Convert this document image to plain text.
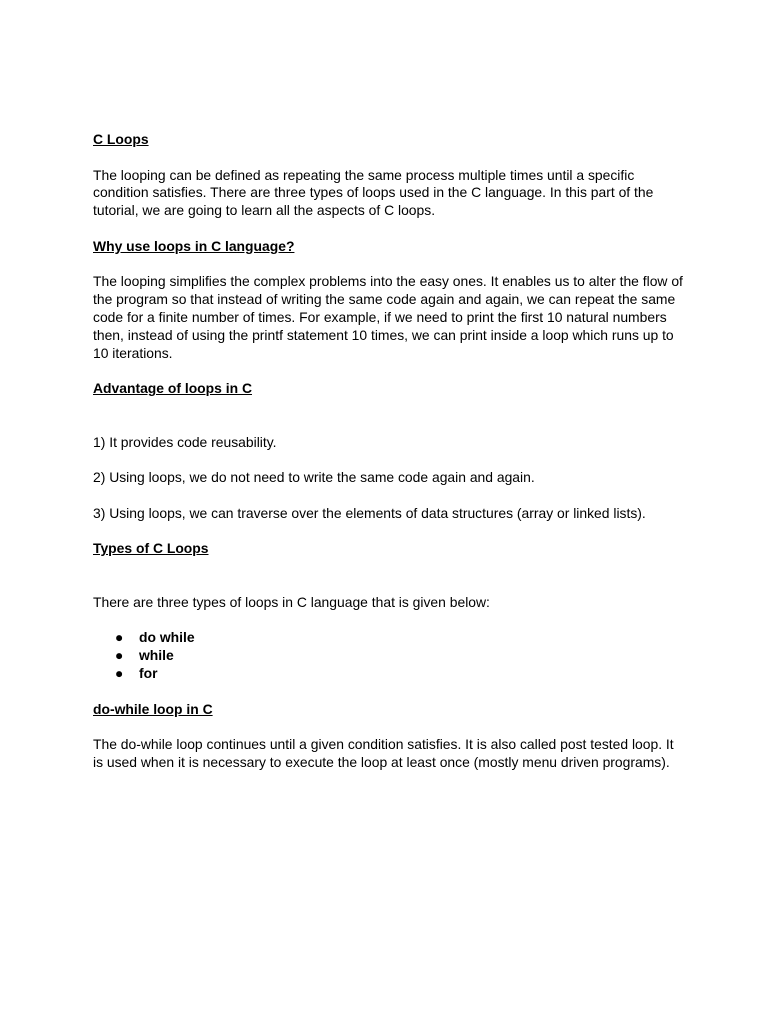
C Loops

The looping can be defined as repeating the same process multiple times until a specific condition satisfies. There are three types of loops used in the C language. In this part of the tutorial, we are going to learn all the aspects of C loops.

Why use loops in C language?

The looping simplifies the complex problems into the easy ones. It enables us to alter the flow of the program so that instead of writing the same code again and again, we can repeat the same code for a finite number of times. For example, if we need to print the first 10 natural numbers then, instead of using the printf statement 10 times, we can print inside a loop which runs up to 10 iterations.

Advantage of loops in C

1) It provides code reusability.

2) Using loops, we do not need to write the same code again and again.

3) Using loops, we can traverse over the elements of data structures (array or linked lists).

Types of C Loops

There are three types of loops in C language that is given below:

● do while
● while
● for

do-while loop in C

The do-while loop continues until a given condition satisfies. It is also called post tested loop. It is used when it is necessary to execute the loop at least once (mostly menu driven programs).
